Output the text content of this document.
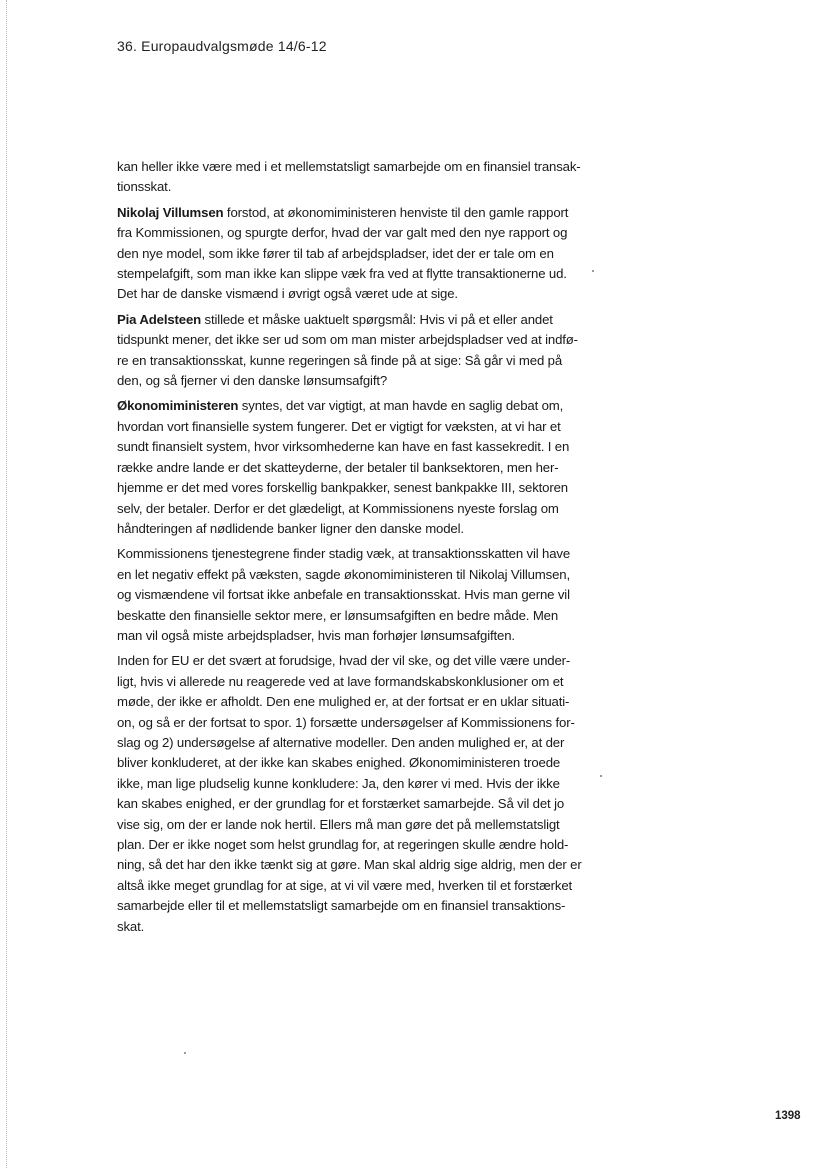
36. Europaudvalgsmøde 14/6-12
kan heller ikke være med i et mellemstatsligt samarbejde om en finansiel transak-
tionsskat.
Nikolaj Villumsen forstod, at økonomiministeren henviste til den gamle rapport
fra Kommissionen, og spurgte derfor, hvad der var galt med den nye rapport og
den nye model, som ikke fører til tab af arbejdspladser, idet der er tale om en
stempelafgift, som man ikke kan slippe væk fra ved at flytte transaktionerne ud.
Det har de danske vismænd i øvrigt også været ude at sige.
Pia Adelsteen stillede et måske uaktuelt spørgsmål: Hvis vi på et eller andet
tidspunkt mener, det ikke ser ud som om man mister arbejdspladser ved at indfø-
re en transaktionsskat, kunne regeringen så finde på at sige: Så går vi med på
den, og så fjerner vi den danske lønsumsafgift?
Økonomiministeren syntes, det var vigtigt, at man havde en saglig debat om,
hvordan vort finansielle system fungerer. Det er vigtigt for væksten, at vi har et
sundt finansielt system, hvor virksomhederne kan have en fast kassekredit. I en
række andre lande er det skatteyderne, der betaler til banksektoren, men her-
hjemme er det med vores forskellig bankpakker, senest bankpakke III, sektoren
selv, der betaler. Derfor er det glædeligt, at Kommissionens nyeste forslag om
håndteringen af nødlidende banker ligner den danske model.
Kommissionens tjenestegrene finder stadig væk, at transaktionsskatten vil have
en let negativ effekt på væksten, sagde økonomiministeren til Nikolaj Villumsen,
og vismændene vil fortsat ikke anbefale en transaktionsskat. Hvis man gerne vil
beskatte den finansielle sektor mere, er lønsumsafgiften en bedre måde. Men
man vil også miste arbejdspladser, hvis man forhøjer lønsumsafgiften.
Inden for EU er det svært at forudsige, hvad der vil ske, og det ville være under-
ligt, hvis vi allerede nu reagerede ved at lave formandskabskonklusioner om et
møde, der ikke er afholdt. Den ene mulighed er, at der fortsat er en uklar situati-
on, og så er der fortsat to spor. 1) forsætte undersøgelser af Kommissionens for-
slag og 2) undersøgelse af alternative modeller. Den anden mulighed er, at der
bliver konkluderet, at der ikke kan skabes enighed. Økonomiministeren troede
ikke, man lige pludselig kunne konkludere: Ja, den kører vi med. Hvis der ikke
kan skabes enighed, er der grundlag for et forstærket samarbejde. Så vil det jo
vise sig, om der er lande nok hertil. Ellers må man gøre det på mellemstatsligt
plan. Der er ikke noget som helst grundlag for, at regeringen skulle ændre hold-
ning, så det har den ikke tænkt sig at gøre. Man skal aldrig sige aldrig, men der er
altså ikke meget grundlag for at sige, at vi vil være med, hverken til et forstærket
samarbejde eller til et mellemstatsligt samarbejde om en finansiel transaktions-
skat.
1398
